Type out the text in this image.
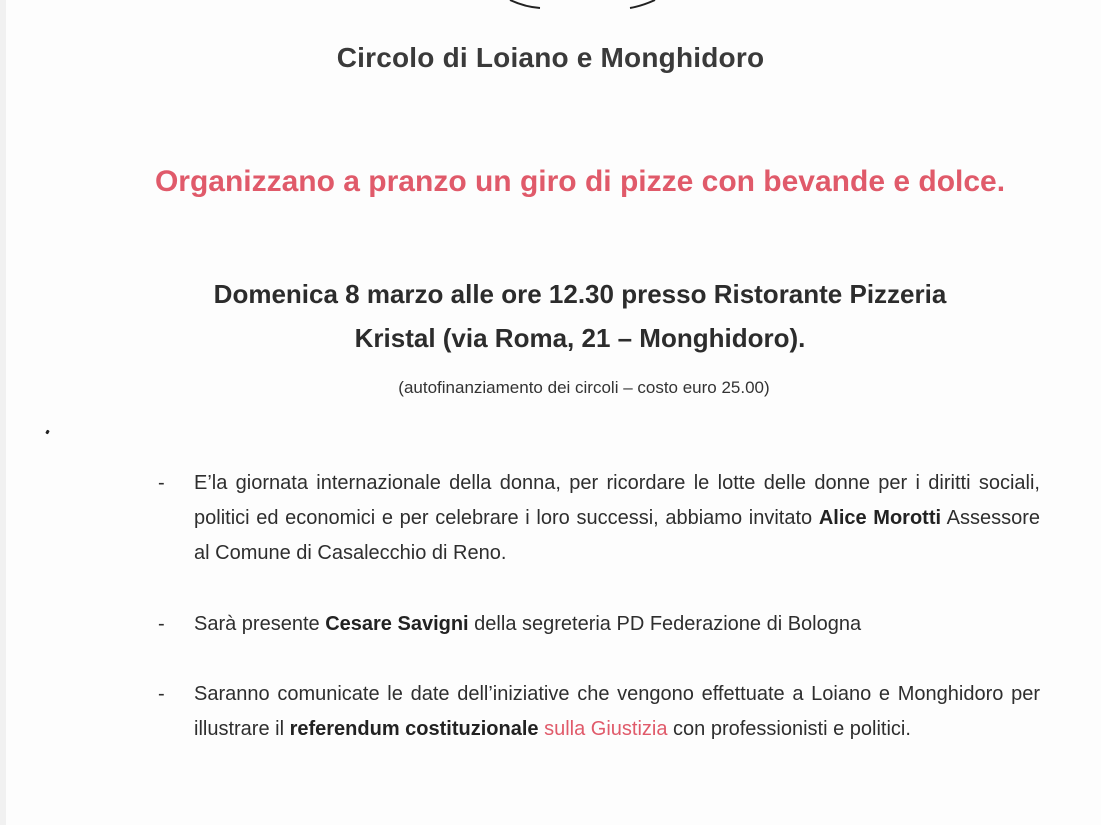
Circolo di Loiano e Monghidoro
Organizzano a pranzo un giro di pizze con bevande e dolce.
Domenica 8 marzo alle ore 12.30 presso Ristorante Pizzeria
Kristal (via Roma, 21 – Monghidoro).
(autofinanziamento dei circoli – costo euro 25.00)
-	E’la giornata internazionale della donna, per ricordare le lotte delle donne per i diritti sociali, politici ed economici e per celebrare i loro successi, abbiamo invitato Alice Morotti Assessore al Comune di Casalecchio di Reno.
-	Sarà presente Cesare Savigni della segreteria PD Federazione di Bologna
-	Saranno comunicate le date dell’iniziative che vengono effettuate a Loiano e Monghidoro per illustrare il referendum costituzionale sulla Giustizia con professionisti e politici.
